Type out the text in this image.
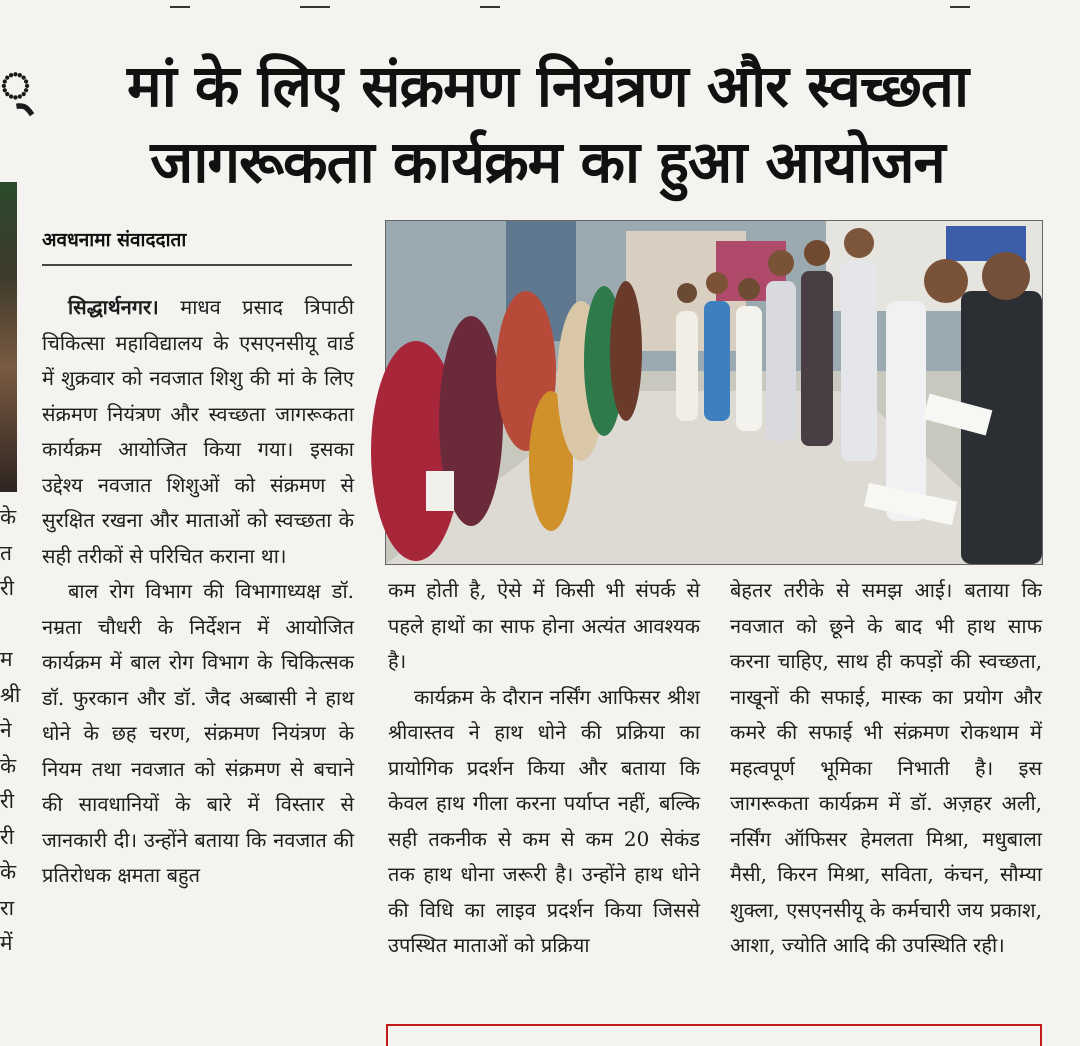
्
के
त
री
म
श्री
ने
के
री
री
के
रा
में
मां के लिए संक्रमण नियंत्रण और स्वच्छता
जागरूकता कार्यक्रम का हुआ आयोजन
अवधनामा संवाददाता

सिद्धार्थनगर। माधव प्रसाद त्रिपाठी चिकित्सा महाविद्यालय के एसएनसीयू वार्ड में शुक्रवार को नवजात शिशु की मां के लिए संक्रमण नियंत्रण और स्वच्छता जागरूकता कार्यक्रम आयोजित किया गया। इसका उद्देश्य नवजात शिशुओं को संक्रमण से सुरक्षित रखना और माताओं को स्वच्छता के सही तरीकों से परिचित कराना था।

बाल रोग विभाग की विभागाध्यक्ष डॉ. नम्रता चौधरी के निर्देशन में आयोजित कार्यक्रम में बाल रोग विभाग के चिकित्सक डॉ. फुरकान और डॉ. जैद अब्बासी ने हाथ धोने के छह चरण, संक्रमण नियंत्रण के नियम तथा नवजात को संक्रमण से बचाने की सावधानियों के बारे में विस्तार से जानकारी दी। उन्होंने बताया कि नवजात की प्रतिरोधक क्षमता बहुत

कम होती है, ऐसे में किसी भी संपर्क से पहले हाथों का साफ होना अत्यंत आवश्यक है।

कार्यक्रम के दौरान नर्सिंग आफिसर श्रीश श्रीवास्तव ने हाथ धोने की प्रक्रिया का प्रायोगिक प्रदर्शन किया और बताया कि केवल हाथ गीला करना पर्याप्त नहीं, बल्कि सही तकनीक से कम से कम 20 सेकंड तक हाथ धोना जरूरी है। उन्होंने हाथ धोने की विधि का लाइव प्रदर्शन किया जिससे उपस्थित माताओं को प्रक्रिया

बेहतर तरीके से समझ आई। बताया कि नवजात को छूने के बाद भी हाथ साफ करना चाहिए, साथ ही कपड़ों की स्वच्छता, नाखूनों की सफाई, मास्क का प्रयोग और कमरे की सफाई भी संक्रमण रोकथाम में महत्वपूर्ण भूमिका निभाती है। इस जागरूकता कार्यक्रम में डॉ. अज़हर अली, नर्सिंग ऑफिसर हेमलता मिश्रा, मधुबाला मैसी, किरन मिश्रा, सविता, कंचन, सौम्या शुक्ला, एसएनसीयू के कर्मचारी जय प्रकाश, आशा, ज्योति आदि की उपस्थिति रही।
